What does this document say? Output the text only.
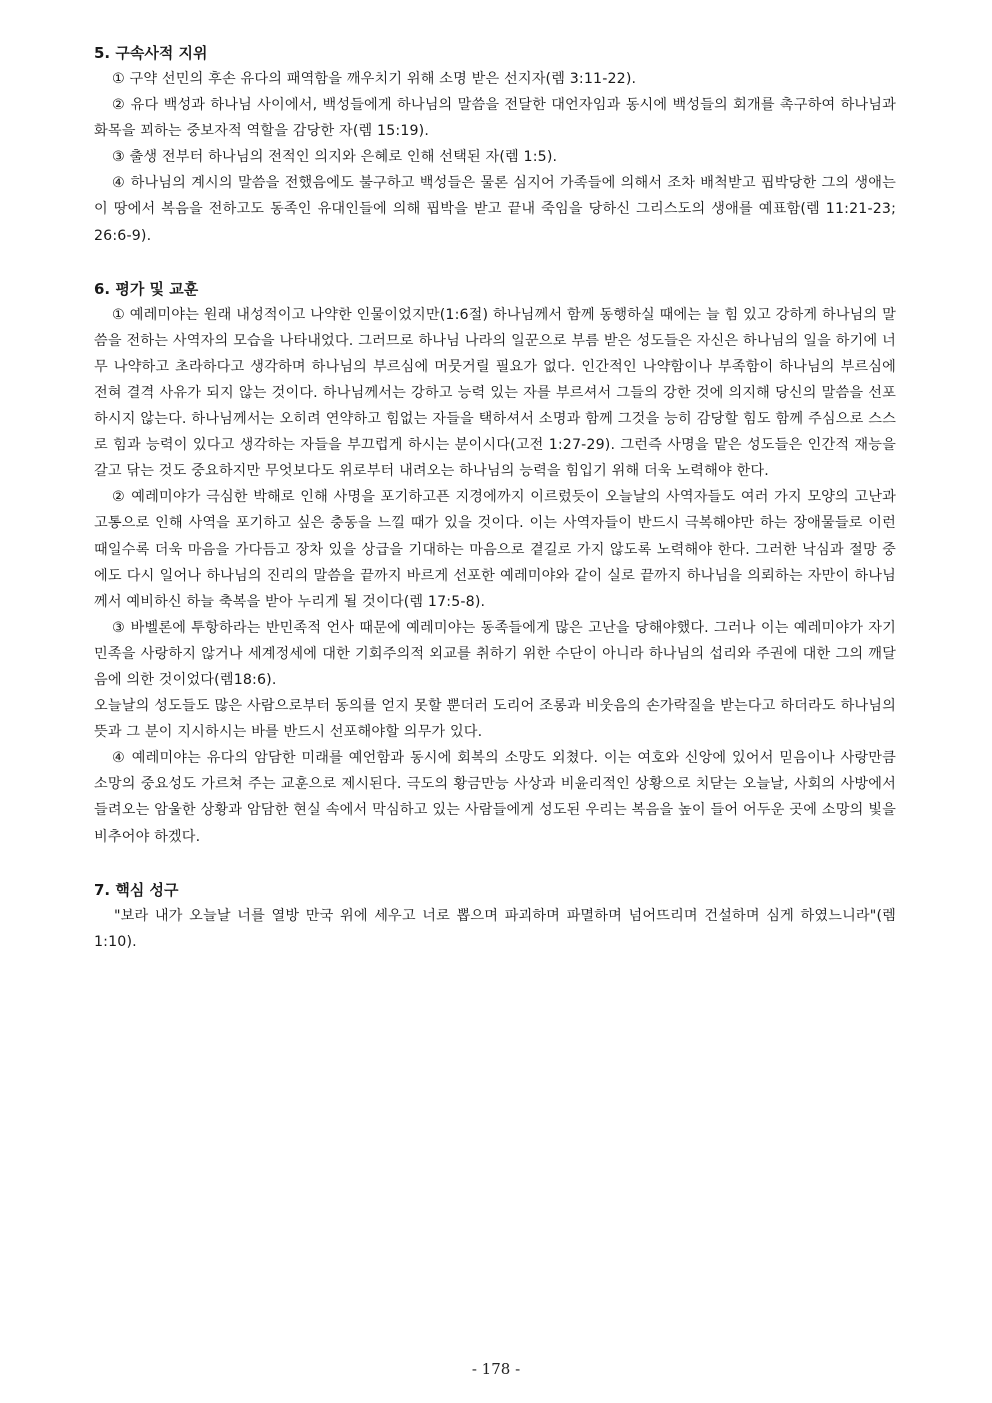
5. 구속사적 지위

① 구약 선민의 후손 유다의 패역함을 깨우치기 위해 소명 받은 선지자(렘 3:11-22).

② 유다 백성과 하나님 사이에서, 백성들에게 하나님의 말씀을 전달한 대언자임과 동시에 백성들의 회개를 촉구하여 하나님과 화목을 꾀하는 중보자적 역할을 감당한 자(렘 15:19).

③ 출생 전부터 하나님의 전적인 의지와 은혜로 인해 선택된 자(렘 1:5).

④ 하나님의 계시의 말씀을 전했음에도 불구하고 백성들은 물론 심지어 가족들에 의해서 조차 배척받고 핍박당한 그의 생애는 이 땅에서 복음을 전하고도 동족인 유대인들에 의해 핍박을 받고 끝내 죽임을 당하신 그리스도의 생애를 예표함(렘 11:21-23; 26:6-9).

6. 평가 및 교훈

① 예레미야는 원래 내성적이고 나약한 인물이었지만(1:6절) 하나님께서 함께 동행하실 때에는 늘 힘 있고 강하게 하나님의 말씀을 전하는 사역자의 모습을 나타내었다. 그러므로 하나님 나라의 일꾼으로 부름 받은 성도들은 자신은 하나님의 일을 하기에 너무 나약하고 초라하다고 생각하며 하나님의 부르심에 머뭇거릴 필요가 없다. 인간적인 나약함이나 부족함이 하나님의 부르심에 전혀 결격 사유가 되지 않는 것이다. 하나님께서는 강하고 능력 있는 자를 부르셔서 그들의 강한 것에 의지해 당신의 말씀을 선포하시지 않는다. 하나님께서는 오히려 연약하고 힘없는 자들을 택하셔서 소명과 함께 그것을 능히 감당할 힘도 함께 주심으로 스스로 힘과 능력이 있다고 생각하는 자들을 부끄럽게 하시는 분이시다(고전 1:27-29). 그런즉 사명을 맡은 성도들은 인간적 재능을 갈고 닦는 것도 중요하지만 무엇보다도 위로부터 내려오는 하나님의 능력을 힘입기 위해 더욱 노력해야 한다.

② 예레미야가 극심한 박해로 인해 사명을 포기하고픈 지경에까지 이르렀듯이 오늘날의 사역자들도 여러 가지 모양의 고난과 고통으로 인해 사역을 포기하고 싶은 충동을 느낄 때가 있을 것이다. 이는 사역자들이 반드시 극복해야만 하는 장애물들로 이런 때일수록 더욱 마음을 가다듬고 장차 있을 상급을 기대하는 마음으로 곁길로 가지 않도록 노력해야 한다. 그러한 낙심과 절망 중에도 다시 일어나 하나님의 진리의 말씀을 끝까지 바르게 선포한 예레미야와 같이 실로 끝까지 하나님을 의뢰하는 자만이 하나님께서 예비하신 하늘 축복을 받아 누리게 될 것이다(렘 17:5-8).

③ 바벨론에 투항하라는 반민족적 언사 때문에 예레미야는 동족들에게 많은 고난을 당해야했다. 그러나 이는 예레미야가 자기 민족을 사랑하지 않거나 세계정세에 대한 기회주의적 외교를 취하기 위한 수단이 아니라 하나님의 섭리와 주권에 대한 그의 깨달음에 의한 것이었다(렘18:6).

오늘날의 성도들도 많은 사람으로부터 동의를 얻지 못할 뿐더러 도리어 조롱과 비웃음의 손가락질을 받는다고 하더라도 하나님의 뜻과 그 분이 지시하시는 바를 반드시 선포해야할 의무가 있다.

④ 예레미야는 유다의 암담한 미래를 예언함과 동시에 회복의 소망도 외쳤다. 이는 여호와 신앙에 있어서 믿음이나 사랑만큼 소망의 중요성도 가르쳐 주는 교훈으로 제시된다. 극도의 황금만능 사상과 비윤리적인 상황으로 치닫는 오늘날, 사회의 사방에서 들려오는 암울한 상황과 암담한 현실 속에서 막심하고 있는 사람들에게 성도된 우리는 복음을 높이 들어 어두운 곳에 소망의 빛을 비추어야 하겠다.

7. 핵심 성구

"보라 내가 오늘날 너를 열방 만국 위에 세우고 너로 뽑으며 파괴하며 파멸하며 넘어뜨리며 건설하며 심게 하였느니라"(렘 1:10).

- 178 -
